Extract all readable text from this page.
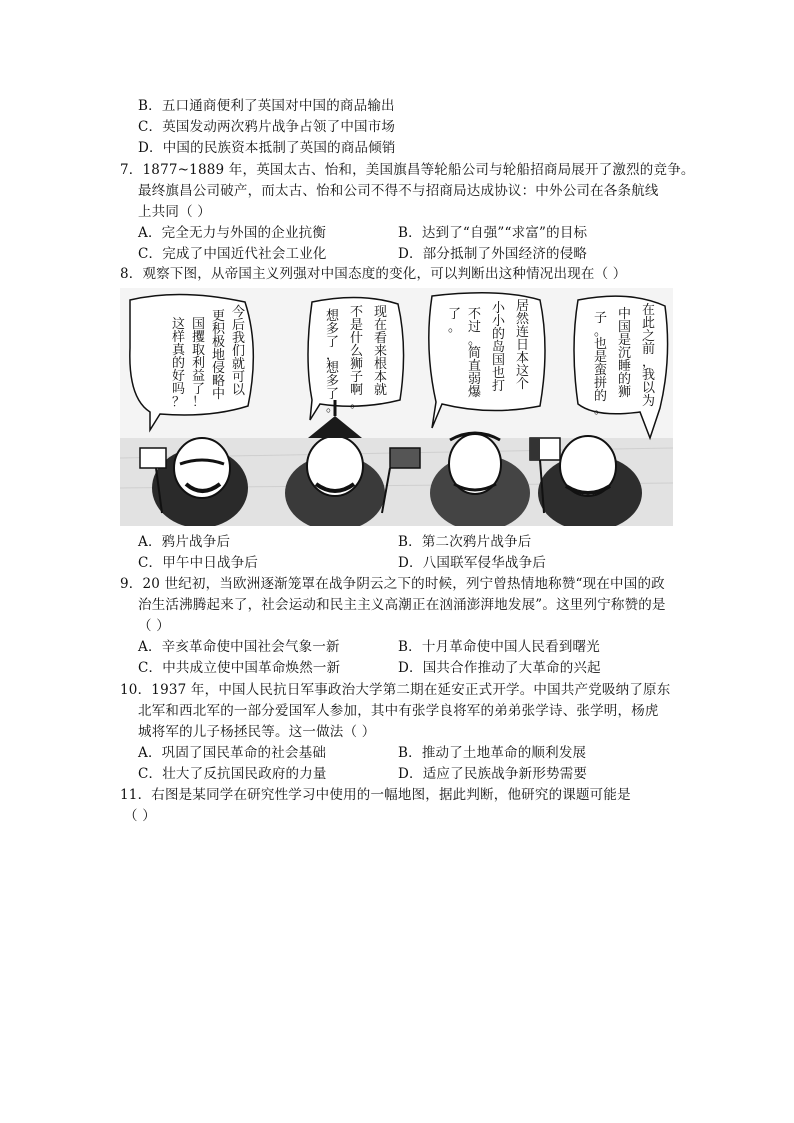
B．五口通商便利了英国对中国的商品输出
C．英国发动两次鸦片战争占领了中国市场
D．中国的民族资本抵制了英国的商品倾销
7．1877~1889 年，英国太古、怡和，美国旗昌等轮船公司与轮船招商局展开了激烈的竞争。
最终旗昌公司破产，而太古、怡和公司不得不与招商局达成协议：中外公司在各条航线
上共同（ ）
A．完全无力与外国的企业抗衡	B．达到了“自强”“求富”的目标
C．完成了中国近代社会工业化	D．部分抵制了外国经济的侵略
8．观察下图，从帝国主义列强对中国态度的变化，可以判断出这种情况出现在（ ）
这样真的好吗？
国攫取利益了！
更积极地侵略中
今后我们就可以
想多了，想多了。
不是什么狮子啊。
现在看来根本就
了。
不过。简直弱爆
小小的岛国也打
居然连日本这个
子。也是蛮拼的。
中国是沉睡的狮
在此之前，我以为
A．鸦片战争后	B．第二次鸦片战争后
C．甲午中日战争后	D．八国联军侵华战争后
9．20 世纪初，当欧洲逐渐笼罩在战争阴云之下的时候，列宁曾热情地称赞“现在中国的政
治生活沸腾起来了，社会运动和民主主义高潮正在汹涌澎湃地发展”。这里列宁称赞的是
（ ）
A．辛亥革命使中国社会气象一新	B．十月革命使中国人民看到曙光
C．中共成立使中国革命焕然一新	D．国共合作推动了大革命的兴起
10．1937 年，中国人民抗日军事政治大学第二期在延安正式开学。中国共产党吸纳了原东
北军和西北军的一部分爱国军人参加，其中有张学良将军的弟弟张学诗、张学明，杨虎
城将军的儿子杨拯民等。这一做法（ ）
A．巩固了国民革命的社会基础	B．推动了土地革命的顺利发展
C．壮大了反抗国民政府的力量	D．适应了民族战争新形势需要
11．右图是某同学在研究性学习中使用的一幅地图，据此判断，他研究的课题可能是
（ ）
